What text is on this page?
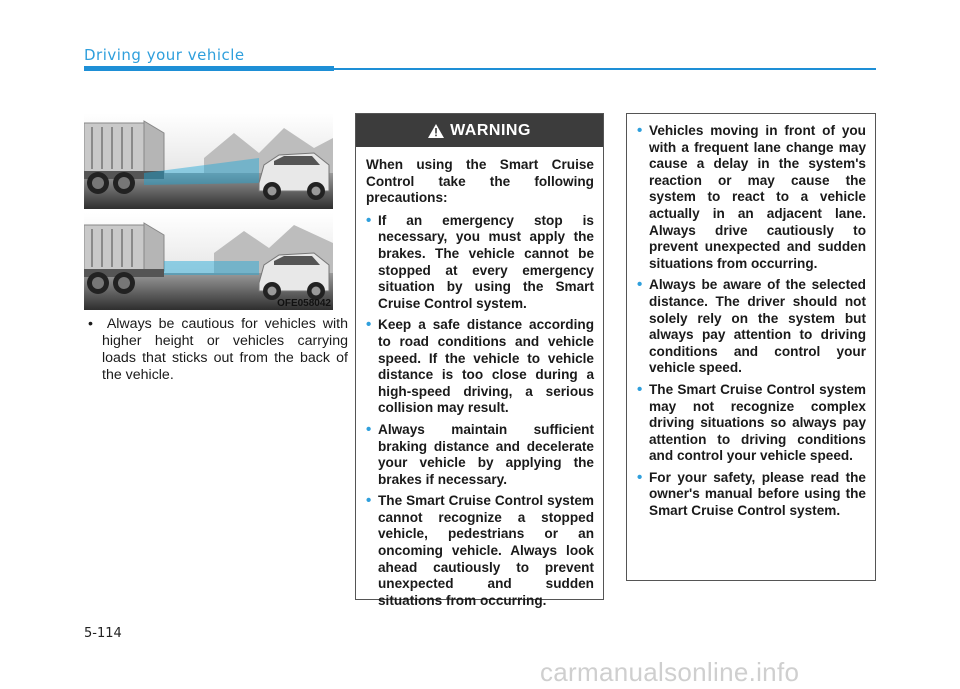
Driving your vehicle
OFE058042
• Always be cautious for vehicles with higher height or vehicles carrying loads that sticks out from the back of the vehicle.
WARNING
When using the Smart Cruise Control take the following precautions:
• If an emergency stop is necessary, you must apply the brakes. The vehicle cannot be stopped at every emergency situation by using the Smart Cruise Control system.
• Keep a safe distance according to road conditions and vehicle speed. If the vehicle to vehicle distance is too close during a high-speed driving, a serious collision may result.
• Always maintain sufficient braking distance and decelerate your vehicle by applying the brakes if necessary.
• The Smart Cruise Control system cannot recognize a stopped vehicle, pedestrians or an oncoming vehicle. Always look ahead cautiously to prevent unexpected and sudden situations from occurring.
• Vehicles moving in front of you with a frequent lane change may cause a delay in the system's reaction or may cause the system to react to a vehicle actually in an adjacent lane. Always drive cautiously to prevent unexpected and sudden situations from occurring.
• Always be aware of the selected distance. The driver should not solely rely on the system but always pay attention to driving conditions and control your vehicle speed.
• The Smart Cruise Control system may not recognize complex driving situations so always pay attention to driving conditions and control your vehicle speed.
• For your safety, please read the owner's manual before using the Smart Cruise Control system.
5-114
carmanualsonline.info
